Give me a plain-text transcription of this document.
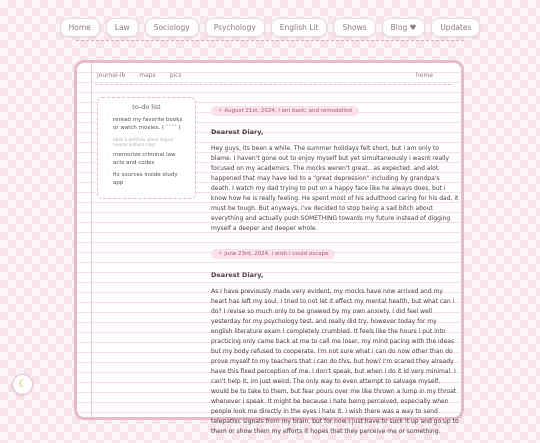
Home	Law	Sociology	Psychology	English Lit	Shows	Blog ♥	Updates
journal-ib maps pics	home
to-do list
· reread my favorite books or watch movies. ( ˘˘˘˘ )
· table & portfolio about impact several authors class
· memorize criminal law acts and codes
· fix sources inside study app
✧ August 21st, 2024, i am back, and remodelled
Dearest Diary,

Hey guys, its been a while. The summer holidays felt short, but i am only to blame. I haven't gone out to enjoy myself but yet simultaneously i wasnt really focused on my academics. The mocks weren't great.. as expected. and alot happened that may have led to a "great depression" including by grandpa's death. I watch my dad trying to put on a happy face like he always does, but i know how he is really feeling. He spent most of his adulthood caring for his dad, it must be tough. But anyways, i've decided to stop being a sad bitch about everything and actually push SOMETHING towards my future instead of digging myself a deeper and deeper whole.

✧ june 23rd, 2024, i wish i could escape
Dearest Diary,

As I have previously made very evident, my mocks have now arrived and my heart has left my soul. I tried to not let it effect my mental health, but what can i do? I revise so much only to be gnawed by my own anxiety. I did feel well yesterday for my psychology test, and really did try, however today for my english literature exam I completely crumbled. It feels like the hours i put into practicing only came back at me to call me loser, my mind pacing with the ideas but my body refused to cooperate. I'm not sure what i can do now other than do prove myself to my teachers that i can do this, but how? I'm scared they already have this fixed perception of me. I don't speak, but when i do it id very minimal. I can't help it, im just weird. The only way to even attempt to salvage myself, would be to take to them, but fear pours over me like thrown a lump in my throat whenever i speak. It might be because i hate being perceived, especially when people look me directly in the eyes i hate it. I wish there was a way to send telepathic signals from my brain, but for now i just have to suck it up and go up to them or show them my efforts it hopes that they perceive me or something.

☾
